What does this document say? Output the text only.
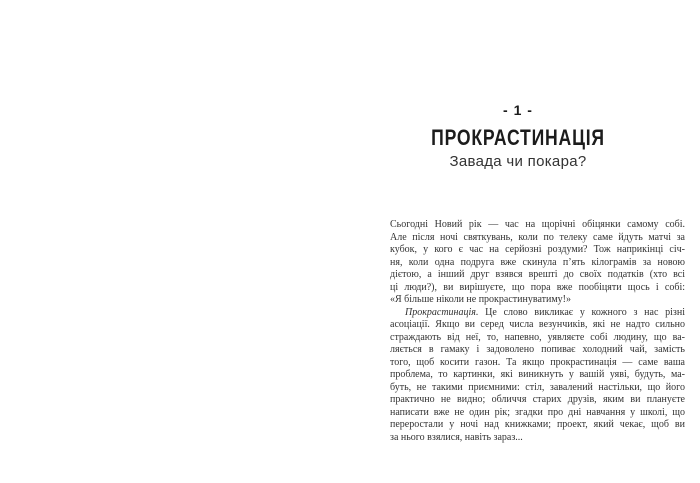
- 1 -
ПРОКРАСТИНАЦІЯ
Завада чи покара?
Сьогодні Новий рік — час на щорічні обіцянки самому собі.
Але після ночі святкувань, коли по телеку саме йдуть матчі за
кубок, у кого є час на серйозні роздуми? Тож наприкінці січ-
ня, коли одна подруга вже скинула п’ять кілограмів за новою
дієтою, а інший друг взявся врешті до своїх податків (хто всі
ці люди?), ви вирішуєте, що пора вже пообіцяти щось і собі:
«Я більше ніколи не прокрастинуватиму!»
Прокрастинація. Це слово викликає у кожного з нас різні
асоціації. Якщо ви серед числа везунчиків, які не надто сильно
страждають від неї, то, напевно, уявляєте собі людину, що ва-
ляється в гамаку і задоволено попиває холодний чай, замість
того, щоб косити газон. Та якщо прокрастинація — саме ваша
проблема, то картинки, які виникнуть у вашій уяві, будуть, ма-
буть, не такими приємними: стіл, завалений настільки, що його
практично не видно; обличчя старих друзів, яким ви плануєте
написати вже не один рік; згадки про дні навчання у школі, що
переростали у ночі над книжками; проект, який чекає, щоб ви
за нього взялися, навіть зараз...
